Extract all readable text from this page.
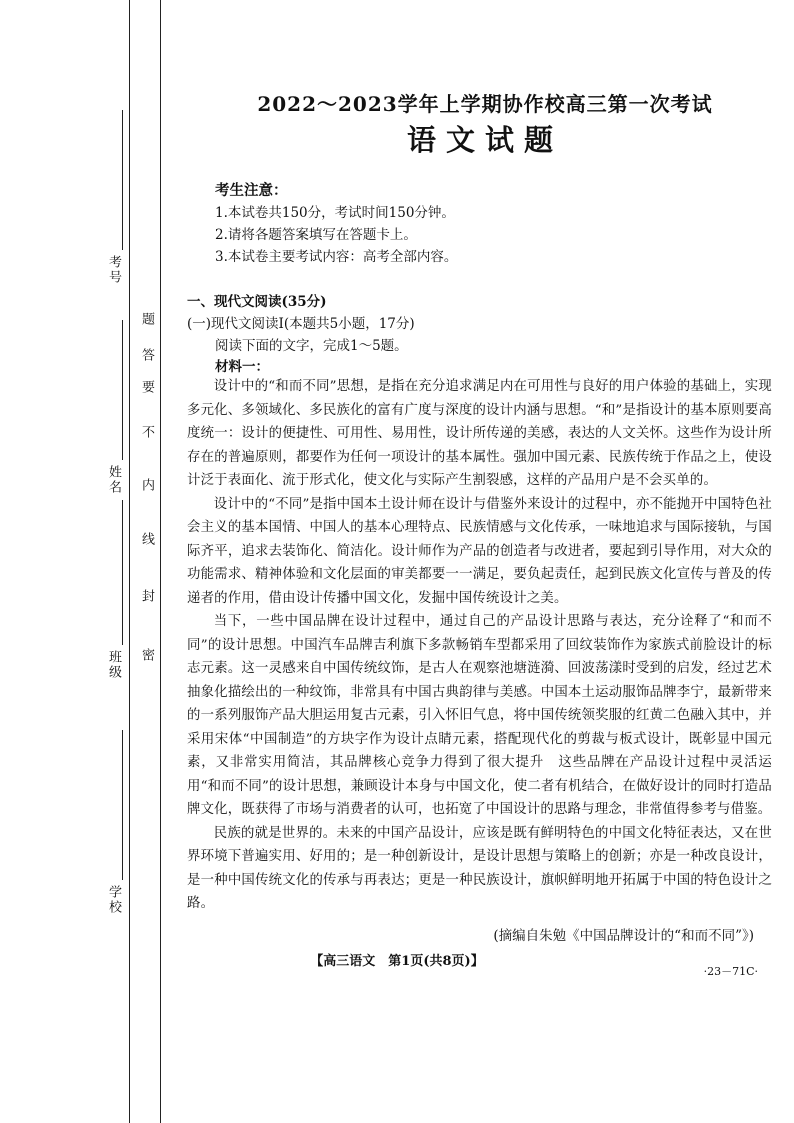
考号
姓名
班级
学校
密
封
线
内
不
要
答
题
2022～2023学年上学期协作校高三第一次考试
语文试题
考生注意：
1.本试卷共150分，考试时间150分钟。
2.请将各题答案填写在答题卡上。
3.本试卷主要考试内容：高考全部内容。
一、现代文阅读(35分)
(一)现代文阅读Ⅰ(本题共5小题，17分)
阅读下面的文字，完成1～5题。
材料一：

设计中的“和而不同”思想，是指在充分追求满足内在可用性与良好的用户体验的基础上，实现多元化、多领域化、多民族化的富有广度与深度的设计内涵与思想。“和”是指设计的基本原则要高度统一：设计的便捷性、可用性、易用性，设计所传递的美感，表达的人文关怀。这些作为设计所存在的普遍原则，都要作为任何一项设计的基本属性。强加中国元素、民族传统于作品之上，使设计泛于表面化、流于形式化，使文化与实际产生割裂感，这样的产品用户是不会买单的。

设计中的“不同”是指中国本土设计师在设计与借鉴外来设计的过程中，亦不能抛开中国特色社会主义的基本国情、中国人的基本心理特点、民族情感与文化传承，一味地追求与国际接轨，与国际齐平，追求去装饰化、简洁化。设计师作为产品的创造者与改进者，要起到引导作用，对大众的功能需求、精神体验和文化层面的审美都要一一满足，要负起责任，起到民族文化宣传与普及的传递者的作用，借由设计传播中国文化，发掘中国传统设计之美。

当下，一些中国品牌在设计过程中，通过自己的产品设计思路与表达，充分诠释了“和而不同”的设计思想。中国汽车品牌吉利旗下多款畅销车型都采用了回纹装饰作为家族式前脸设计的标志元素。这一灵感来自中国传统纹饰，是古人在观察池塘涟漪、回波荡漾时受到的启发，经过艺术抽象化描绘出的一种纹饰，非常具有中国古典韵律与美感。中国本土运动服饰品牌李宁，最新带来的一系列服饰产品大胆运用复古元素，引入怀旧气息，将中国传统领奖服的红黄二色融入其中，并采用宋体“中国制造”的方块字作为设计点睛元素，搭配现代化的剪裁与板式设计，既彰显中国元素，又非常实用简洁，其品牌核心竞争力得到了很大提升　这些品牌在产品设计过程中灵活运用“和而不同”的设计思想，兼顾设计本身与中国文化，使二者有机结合，在做好设计的同时打造品牌文化，既获得了市场与消费者的认可，也拓宽了中国设计的思路与理念，非常值得参考与借鉴。

民族的就是世界的。未来的中国产品设计，应该是既有鲜明特色的中国文化特征表达，又在世界环境下普遍实用、好用的；是一种创新设计，是设计思想与策略上的创新；亦是一种改良设计，是一种中国传统文化的传承与再表达；更是一种民族设计，旗帜鲜明地开拓属于中国的特色设计之路。

(摘编自朱勉《中国品牌设计的“和而不同”》)
【高三语文　第1页(共8页)】
·23－71C·
